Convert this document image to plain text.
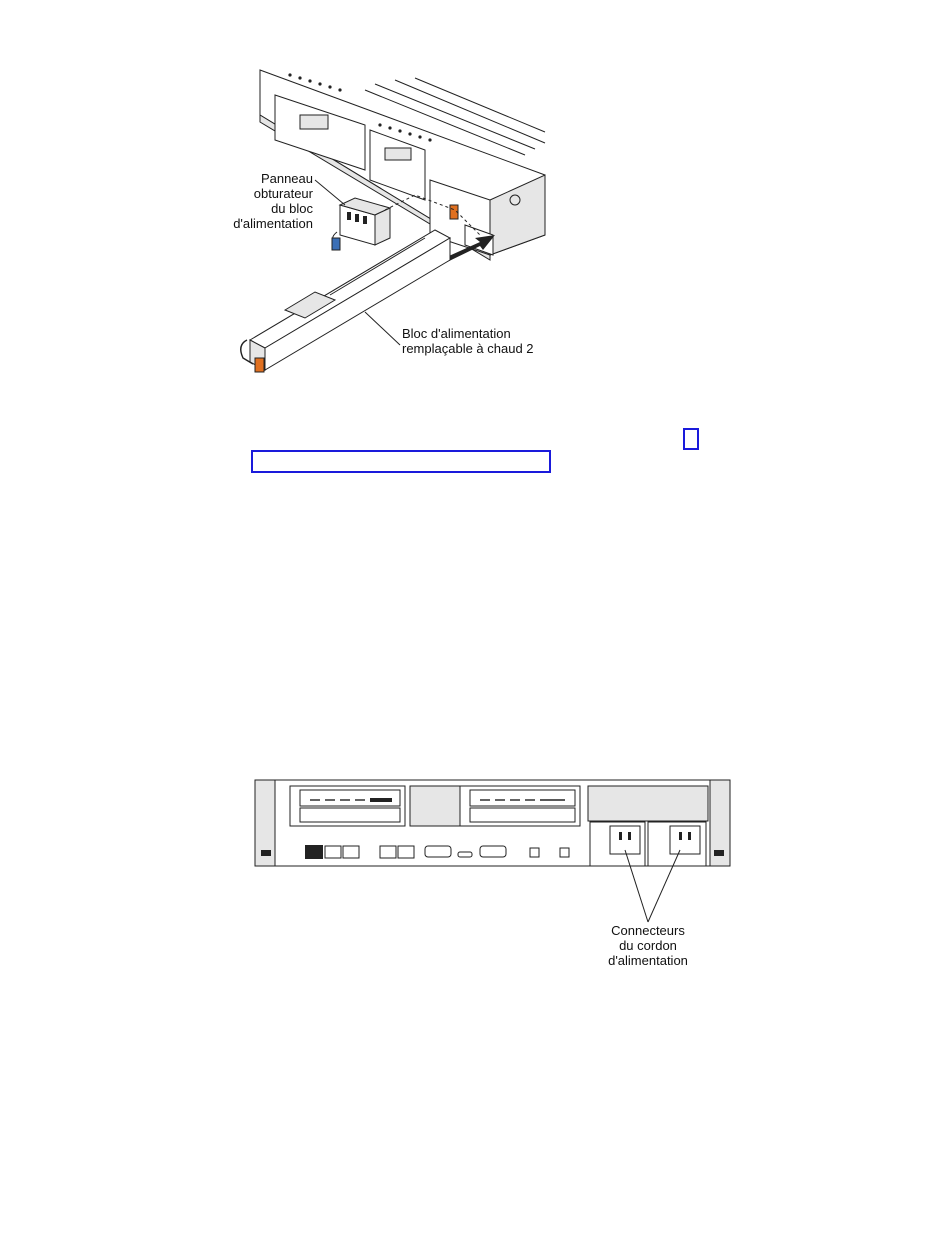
Panneau
obturateur
du bloc
d'alimentation
Bloc d'alimentation
remplaçable à chaud 2
Connecteurs
du cordon
d'alimentation
